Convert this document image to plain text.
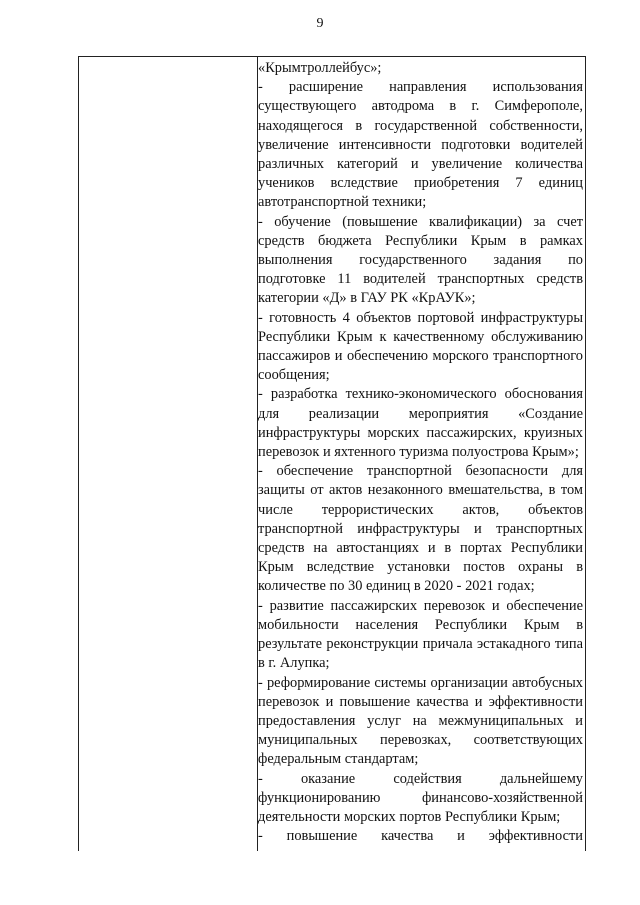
9

«Крымтроллейбус»;

- расширение направления использования существующего автодрома в г. Симферополе, находящегося в государственной собственности, увеличение интенсивности подготовки водителей различных категорий и увеличение количества учеников вследствие приобретения 7 единиц автотранспортной техники;

- обучение (повышение квалификации) за счет средств бюджета Республики Крым в рамках выполнения государственного задания по подготовке 11 водителей транспортных средств категории «Д» в ГАУ РК «КрАУК»;

- готовность 4 объектов портовой инфраструктуры Республики Крым к качественному обслуживанию пассажиров и обеспечению морского транспортного сообщения;

- разработка технико-экономического обоснования для реализации мероприятия «Создание инфраструктуры морских пассажирских, круизных перевозок и яхтенного туризма полуострова Крым»;

- обеспечение транспортной безопасности для защиты от актов незаконного вмешательства, в том числе террористических актов, объектов транспортной инфраструктуры и транспортных средств на автостанциях и в портах Республики Крым вследствие установки постов охраны в количестве по 30 единиц в 2020 - 2021 годах;

- развитие пассажирских перевозок и обеспечение мобильности населения Республики Крым в результате реконструкции причала эстакадного типа в г. Алупка;

- реформирование системы организации автобусных перевозок и повышение качества и эффективности предоставления услуг на межмуниципальных и муниципальных перевозках, соответствующих федеральным стандартам;

- оказание содействия дальнейшему функционированию финансово-хозяйственной деятельности морских портов Республики Крым;

- повышение качества и эффективности
